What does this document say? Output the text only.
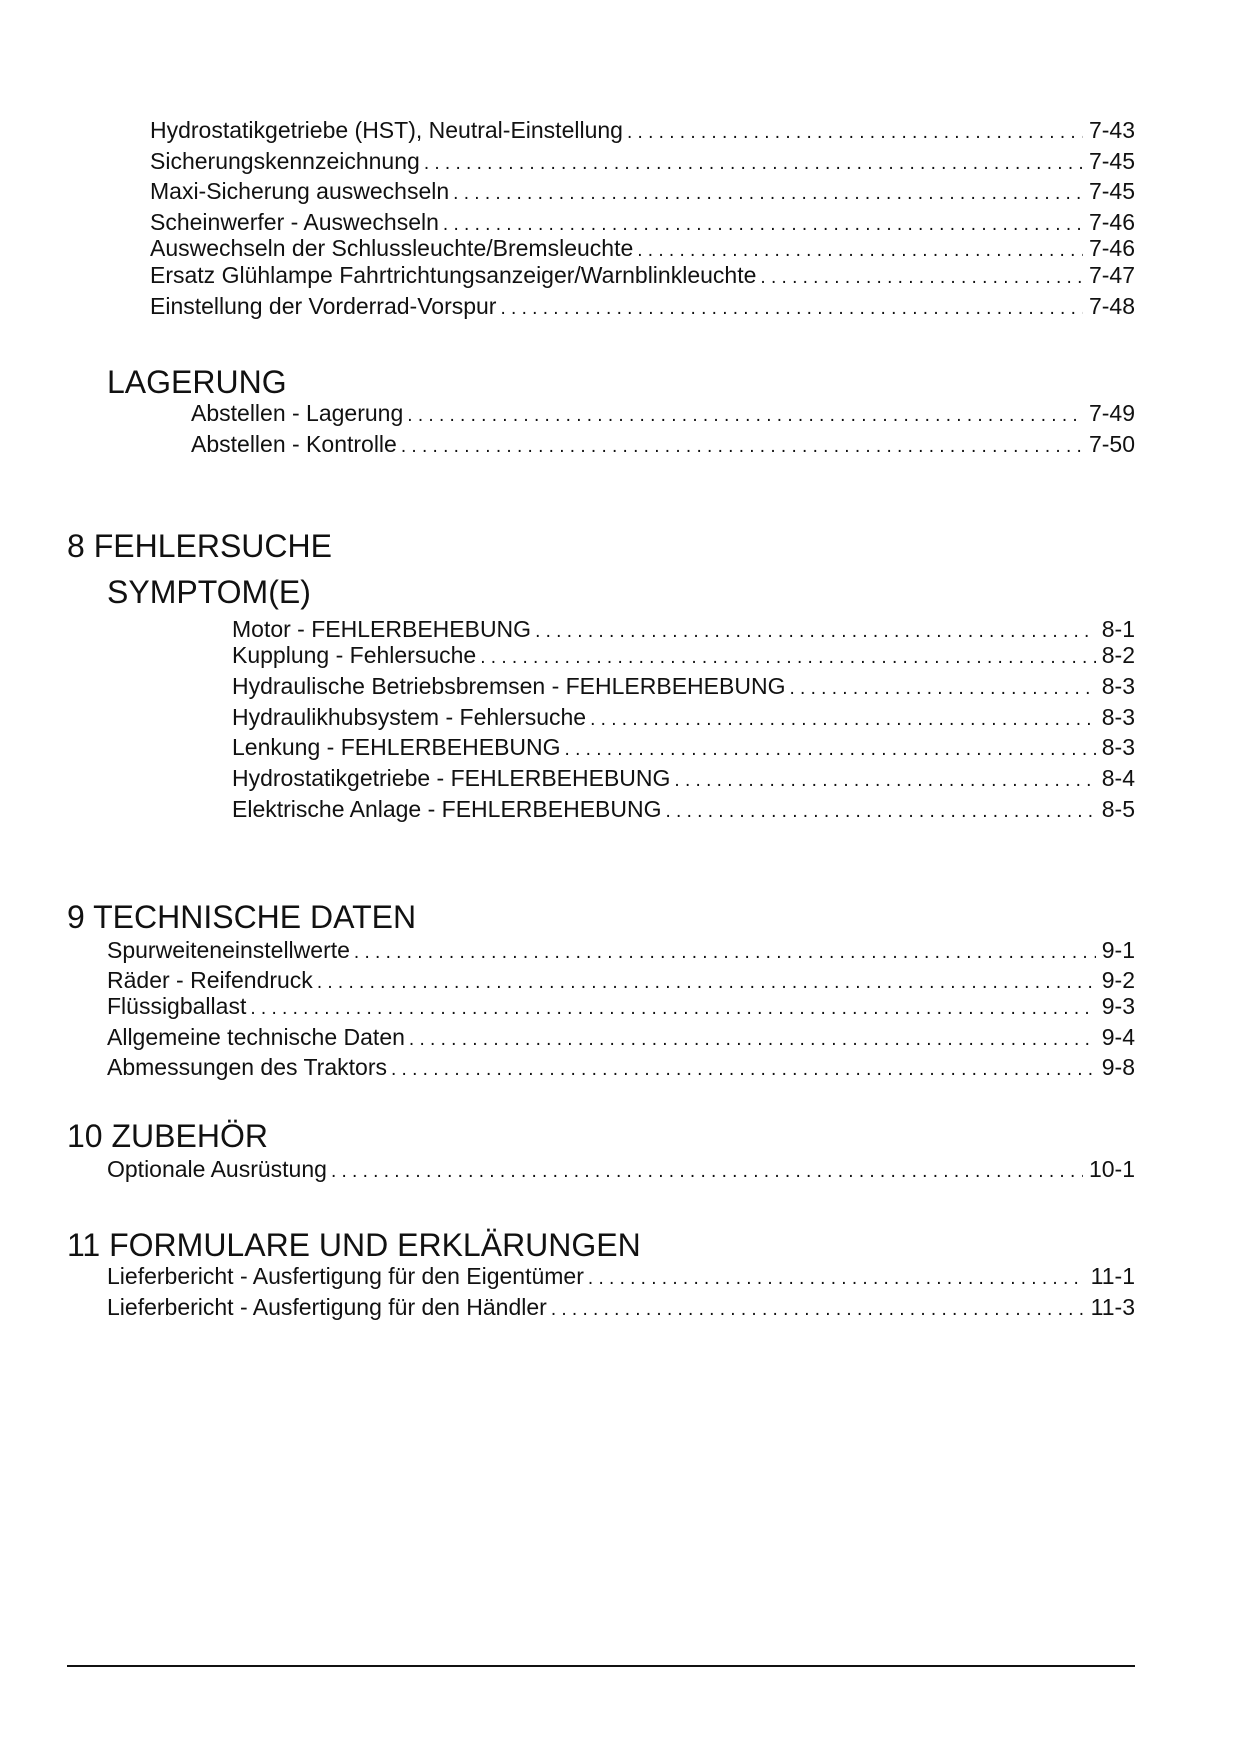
Hydrostatikgetriebe (HST), Neutral-Einstellung . . .	7-43
Sicherungskennzeichnung . . .	7-45
Maxi-Sicherung auswechseln . . .	7-45
Scheinwerfer - Auswechseln . . .	7-46
Auswechseln der Schlussleuchte/Bremsleuchte . . .	7-46
Ersatz Glühlampe Fahrtrichtungsanzeiger/Warnblinkleuchte . . .	7-47
Einstellung der Vorderrad-Vorspur . . .	7-48
LAGERUNG
Abstellen - Lagerung . . .	7-49
Abstellen - Kontrolle . . .	7-50
8 FEHLERSUCHE
SYMPTOM(E)
Motor - FEHLERBEHEBUNG . . .	8-1
Kupplung - Fehlersuche . . .	8-2
Hydraulische Betriebsbremsen - FEHLERBEHEBUNG . . .	8-3
Hydraulikhubsystem - Fehlersuche . . .	8-3
Lenkung - FEHLERBEHEBUNG . . .	8-3
Hydrostatikgetriebe - FEHLERBEHEBUNG . . .	8-4
Elektrische Anlage - FEHLERBEHEBUNG . . .	8-5
9 TECHNISCHE DATEN
Spurweiteneinstellwerte . . .	9-1
Räder - Reifendruck . . .	9-2
Flüssigballast . . .	9-3
Allgemeine technische Daten . . .	9-4
Abmessungen des Traktors . . .	9-8
10 ZUBEHÖR
Optionale Ausrüstung . . .	10-1
11 FORMULARE UND ERKLÄRUNGEN
Lieferbericht - Ausfertigung für den Eigentümer . . .	11-1
Lieferbericht - Ausfertigung für den Händler . . .	11-3
